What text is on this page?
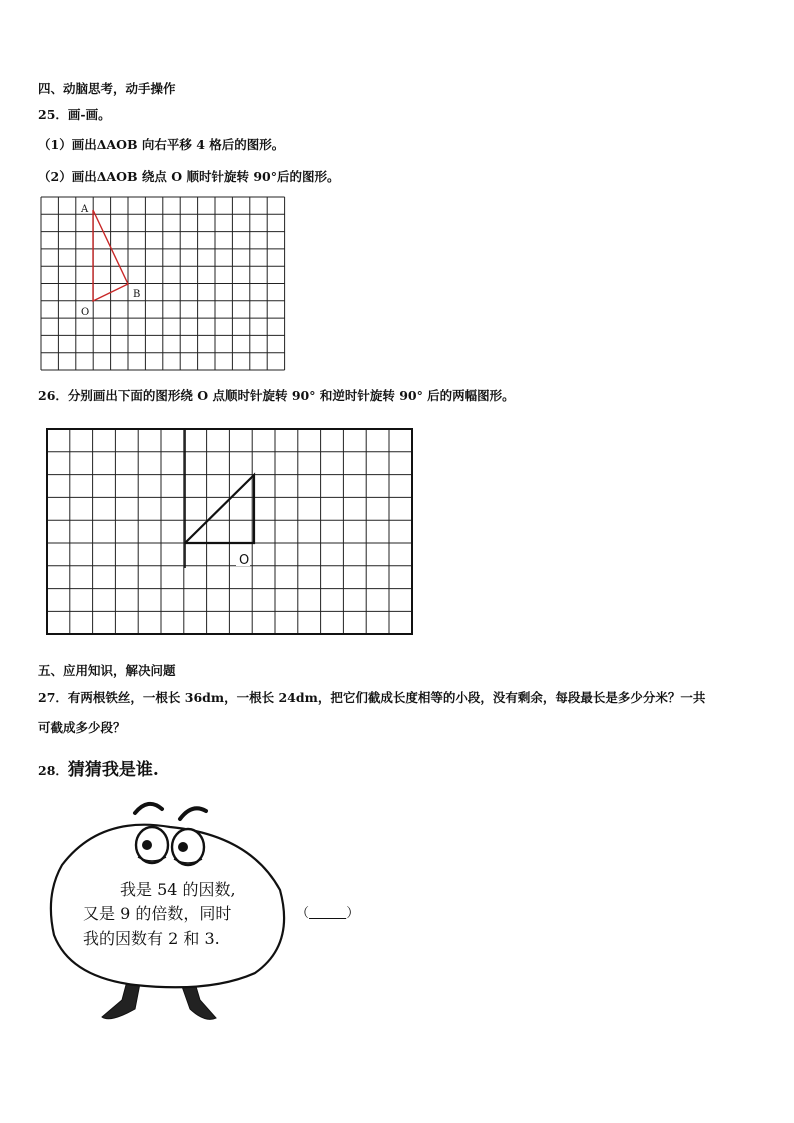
四、动脑思考，动手操作
25．画-画。
（1）画出ΔAOB 向右平移 4 格后的图形。
（2）画出ΔAOB 绕点 O 顺时针旋转 90°后的图形。
A
B
O
26．分别画出下面的图形绕 O 点顺时针旋转 90° 和逆时针旋转 90° 后的两幅图形。
O
五、应用知识，解决问题
27．有两根铁丝，一根长 36dm，一根长 24dm，把它们截成长度相等的小段，没有剩余，每段最长是多少分米？一共
可截成多少段？
28．猜猜我是谁.
我是 54 的因数,
又是 9 的倍数，同时
我的因数有 2 和 3.
（	）
